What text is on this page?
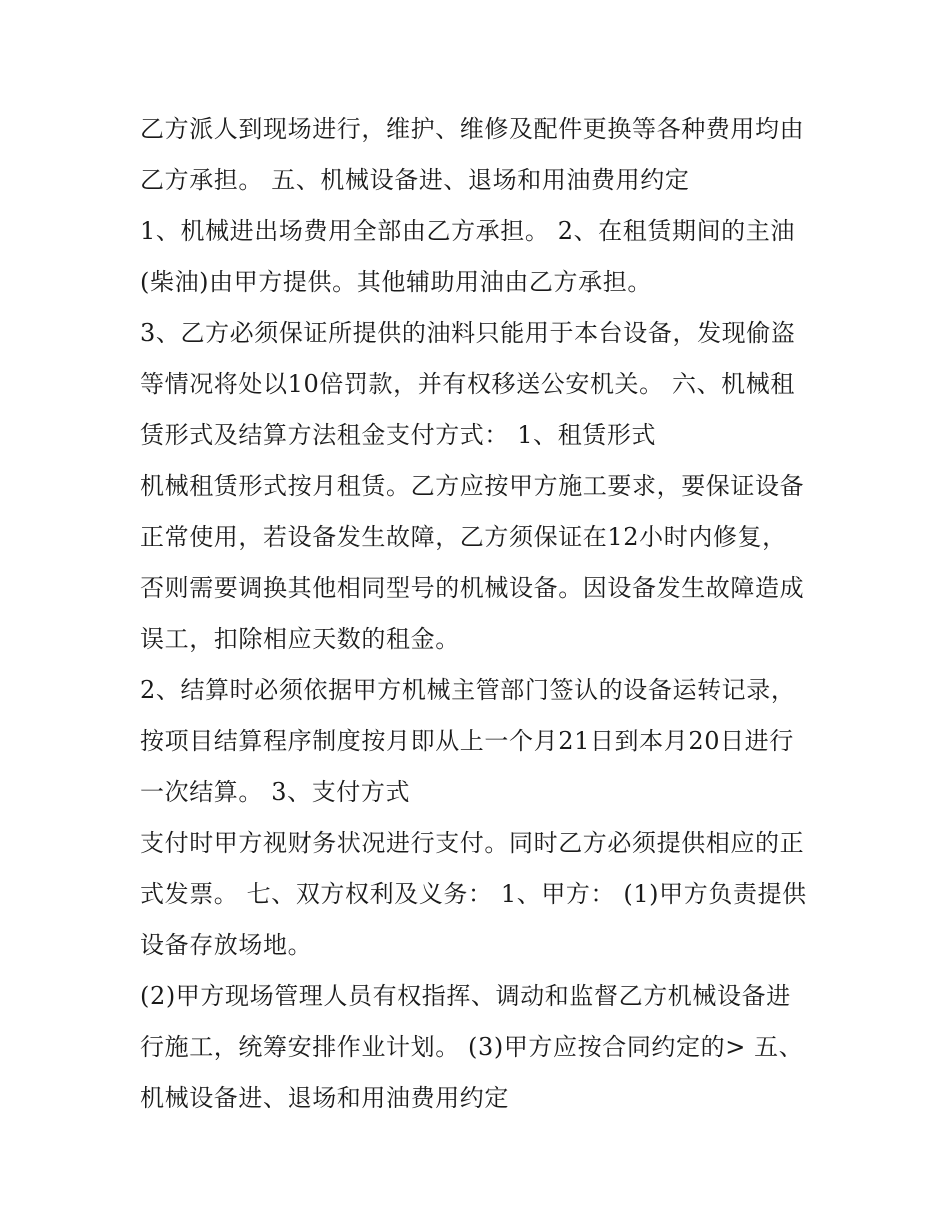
乙方派人到现场进行，维护、维修及配件更换等各种费用均由

乙方承担。 五、机械设备进、退场和用油费用约定

1、机械进出场费用全部由乙方承担。 2、在租赁期间的主油

(柴油)由甲方提供。其他辅助用油由乙方承担。

3、乙方必须保证所提供的油料只能用于本台设备，发现偷盗

等情况将处以10倍罚款，并有权移送公安机关。 六、机械租

赁形式及结算方法租金支付方式： 1、租赁形式

机械租赁形式按月租赁。乙方应按甲方施工要求，要保证设备

正常使用，若设备发生故障，乙方须保证在12小时内修复，

否则需要调换其他相同型号的机械设备。因设备发生故障造成

误工，扣除相应天数的租金。

2、结算时必须依据甲方机械主管部门签认的设备运转记录，

按项目结算程序制度按月即从上一个月21日到本月20日进行

一次结算。 3、支付方式

支付时甲方视财务状况进行支付。同时乙方必须提供相应的正

式发票。 七、双方权利及义务： 1、甲方： (1)甲方负责提供

设备存放场地。

(2)甲方现场管理人员有权指挥、调动和监督乙方机械设备进

行施工，统筹安排作业计划。 (3)甲方应按合同约定的> 五、

机械设备进、退场和用油费用约定
